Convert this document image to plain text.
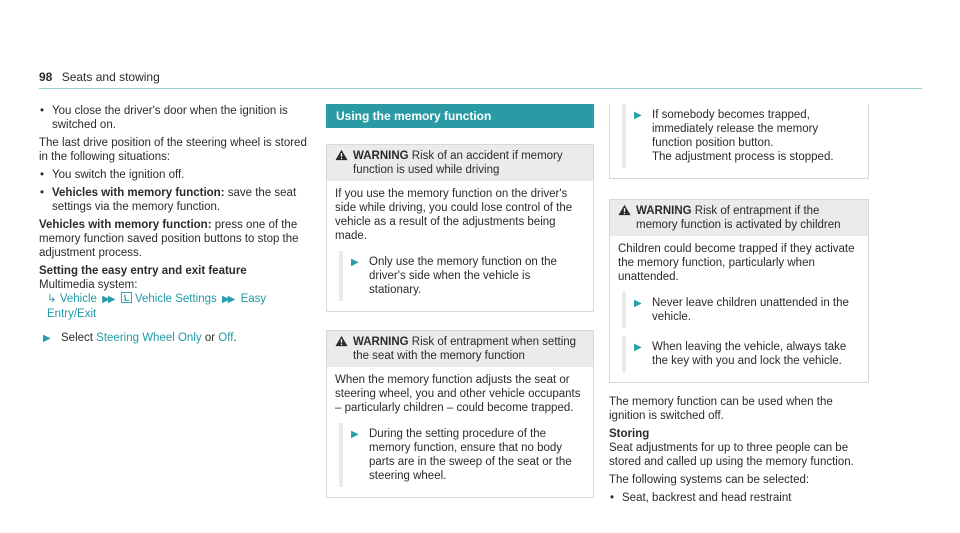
98 Seats and stowing
• You close the driver's door when the ignition is switched on.

The last drive position of the steering wheel is stored in the following situations:

• You switch the ignition off.
• Vehicles with memory function: save the seat settings via the memory function.

Vehicles with memory function: press one of the memory function saved position buttons to stop the adjustment process.

Setting the easy entry and exit feature

Multimedia system:

↳ Vehicle ▶▶ Vehicle Settings ▶▶ Easy Entry/Exit
▶ Select Steering Wheel Only or Off.
Using the memory function
WARNING Risk of an accident if memory function is used while driving

If you use the memory function on the driver's side while driving, you could lose control of the vehicle as a result of the adjustments being made.

▶ Only use the memory function on the driver's side when the vehicle is stationary.
WARNING Risk of entrapment when setting the seat with the memory function

When the memory function adjusts the seat or steering wheel, you and other vehicle occupants – particularly children – could become trapped.

▶ During the setting procedure of the memory function, ensure that no body parts are in the sweep of the seat or the steering wheel.
▶ If somebody becomes trapped, immediately release the memory function position button.
The adjustment process is stopped.
WARNING Risk of entrapment if the memory function is activated by children

Children could become trapped if they activate the memory function, particularly when unattended.

▶ Never leave children unattended in the vehicle.
▶ When leaving the vehicle, always take the key with you and lock the vehicle.

The memory function can be used when the ignition is switched off.

Storing

Seat adjustments for up to three people can be stored and called up using the memory function.

The following systems can be selected:

• Seat, backrest and head restraint
